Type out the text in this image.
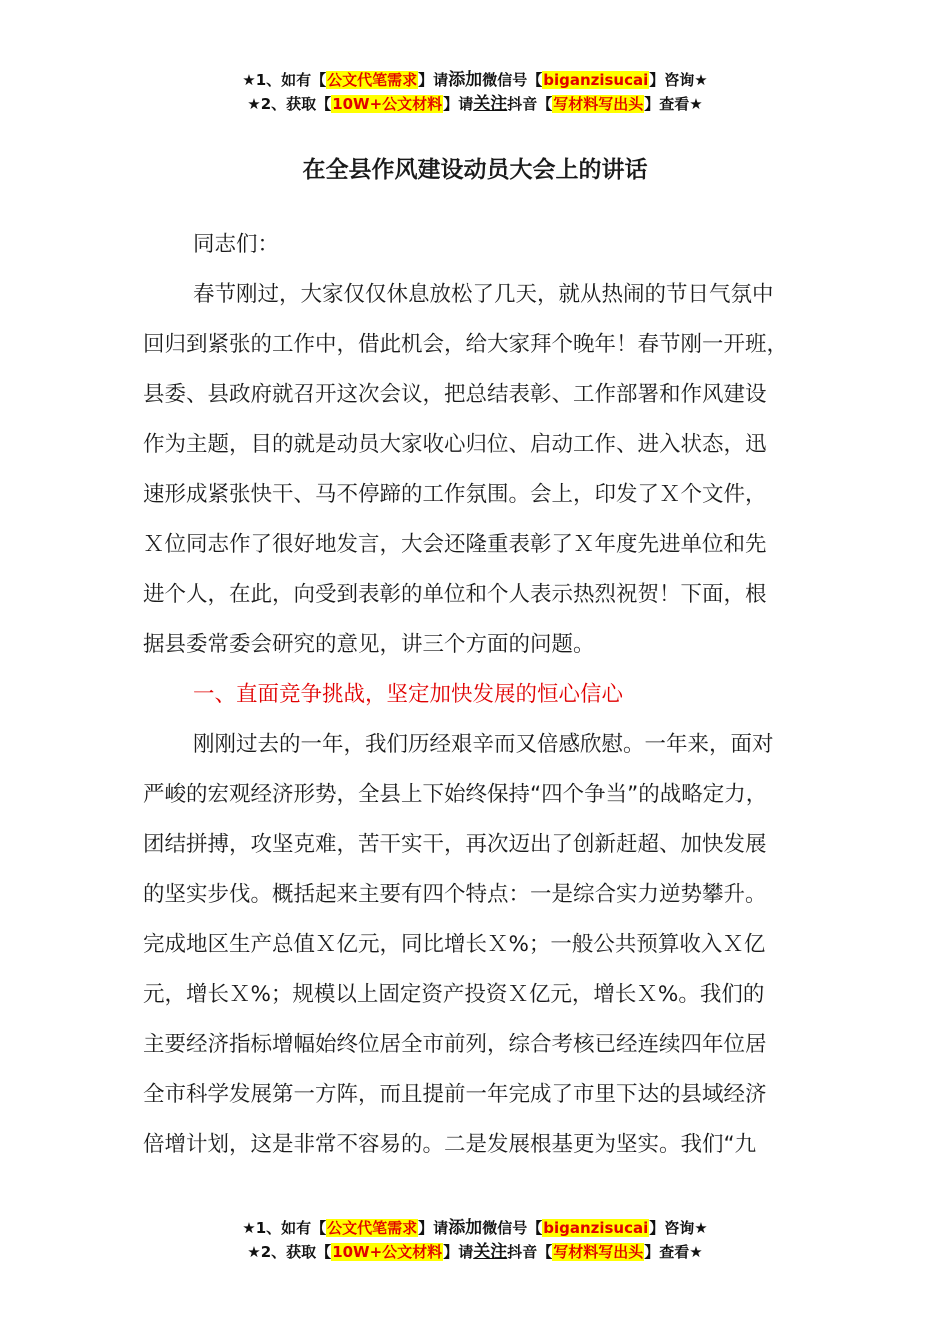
★1、如有【公文代笔需求】请添加微信号【biganzisucai】咨询★
★2、获取【10W+公文材料】请关注抖音【写材料写出头】查看★
在全县作风建设动员大会上的讲话
同志们：
春节刚过，大家仅仅休息放松了几天，就从热闹的节日气氛中
回归到紧张的工作中，借此机会，给大家拜个晚年！春节刚一开班，
县委、县政府就召开这次会议，把总结表彰、工作部署和作风建设
作为主题，目的就是动员大家收心归位、启动工作、进入状态，迅
速形成紧张快干、马不停蹄的工作氛围。会上，印发了Ｘ个文件，
Ｘ位同志作了很好地发言，大会还隆重表彰了Ｘ年度先进单位和先
进个人，在此，向受到表彰的单位和个人表示热烈祝贺！下面，根
据县委常委会研究的意见，讲三个方面的问题。
一、直面竞争挑战，坚定加快发展的恒心信心
刚刚过去的一年，我们历经艰辛而又倍感欣慰。一年来，面对
严峻的宏观经济形势，全县上下始终保持“四个争当”的战略定力，
团结拼搏，攻坚克难，苦干实干，再次迈出了创新赶超、加快发展
的坚实步伐。概括起来主要有四个特点：一是综合实力逆势攀升。
完成地区生产总值Ｘ亿元，同比增长Ｘ%；一般公共预算收入Ｘ亿
元，增长Ｘ%；规模以上固定资产投资Ｘ亿元，增长Ｘ%。我们的
主要经济指标增幅始终位居全市前列，综合考核已经连续四年位居
全市科学发展第一方阵，而且提前一年完成了市里下达的县域经济
倍增计划，这是非常不容易的。二是发展根基更为坚实。我们“九
★1、如有【公文代笔需求】请添加微信号【biganzisucai】咨询★
★2、获取【10W+公文材料】请关注抖音【写材料写出头】查看★
